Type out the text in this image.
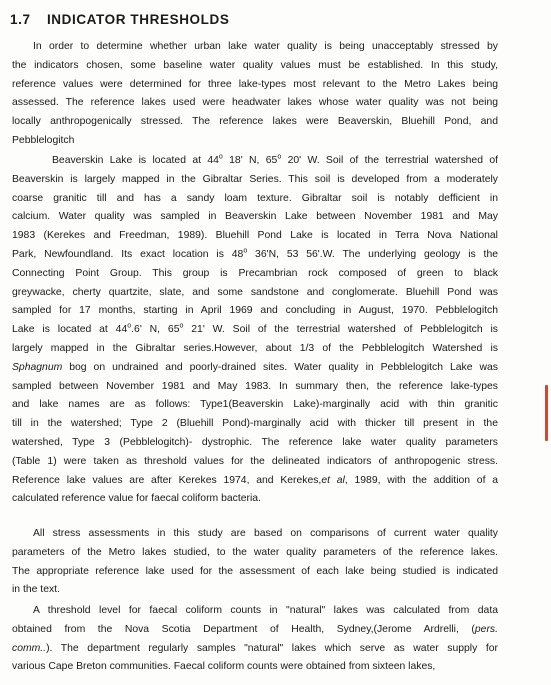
1.7 INDICATOR THRESHOLDS
In order to determine whether urban lake water quality is being unacceptably stressed by
the indicators chosen, some baseline water quality values must be established. In this study,
reference values were determined for three lake-types most relevant to the Metro Lakes being
assessed. The reference lakes used were headwater lakes whose water quality was not being
locally anthropogenically stressed. The reference lakes were Beaverskin, Bluehill Pond, and
Pebblelogitch
Beaverskin Lake is located at 44$^o$ 18' N, 65$^o$ 20' W. Soil of the terrestrial watershed of
Beaverskin is largely mapped in the Gibraltar Series. This soil is developed from a moderately
coarse granitic till and has a sandy loam texture. Gibraltar soil is notably defficient in
calcium. Water quality was sampled in Beaverskin Lake between November 1981 and May
1983 (Kerekes and Freedman, 1989). Bluehill Pond Lake is located in Terra Nova National
Park, Newfoundland. Its exact location is 48$^o$ 36'N, 53 56'.W. The underlying geology is the
Connecting Point Group. This group is Precambrian rock composed of green to black
greywacke, cherty quartzite, slate, and some sandstone and conglomerate. Bluehill Pond was
sampled for 17 months, starting in April 1969 and concluding in August, 1970. Pebblelogitch
Lake is located at 44$^o$.6' N, 65$^o$ 21' W. Soil of the terrestrial watershed of Pebblelogitch is
largely mapped in the Gibraltar series.However, about 1/3 of the Pebblelogitch Watershed is
Sphagnum bog on undrained and poorly-drained sites. Water quality in Pebblelogitch Lake was
sampled between November 1981 and May 1983. In summary then, the reference lake-types
and lake names are as follows: Type1(Beaverskin Lake)-marginally acid with thin granitic
till in the watershed; Type 2 (Bluehill Pond)-marginally acid with thicker till present in the
watershed, Type 3 (Pebblelogitch)- dystrophic. The reference lake water quality parameters
(Table 1) were taken as threshold values for the delineated indicators of anthropogenic stress.
Reference lake values are after Kerekes 1974, and Kerekes,et al, 1989, with the addition of a
calculated reference value for faecal coliform bacteria.
All stress assessments in this study are based on comparisons of current water quality
parameters of the Metro lakes studied, to the water quality parameters of the reference lakes.
The appropriate reference lake used for the assessment of each lake being studied is indicated
in the text.
A threshold level for faecal coliform counts in "natural" lakes was calculated from data
obtained from the Nova Scotia Department of Health, Sydney,(Jerome Ardrelli, (pers.
comm..). The department regularly samples "natural" lakes which serve as water supply for
various Cape Breton communities. Faecal coliform counts were obtained from sixteen lakes,
